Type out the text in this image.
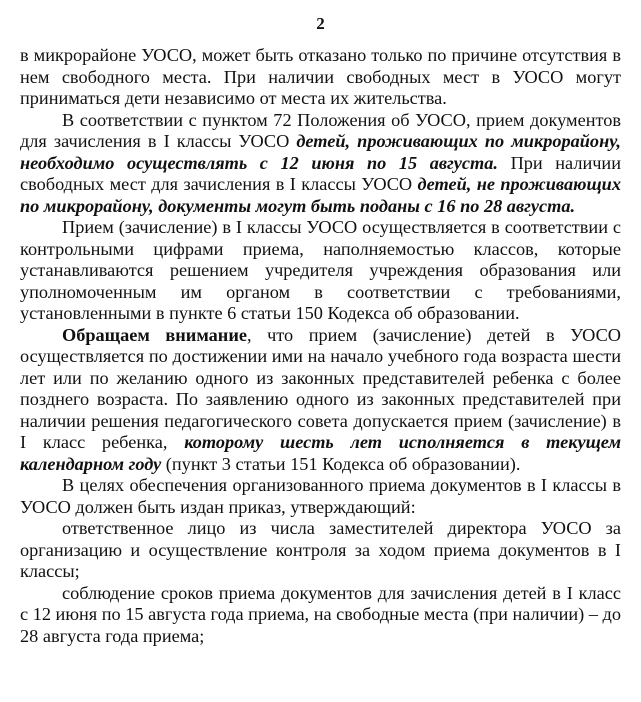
2

в микрорайоне УОСО, может быть отказано только по причине отсутствия в нем свободного места. При наличии свободных мест в УОСО могут приниматься дети независимо от места их жительства.

В соответствии с пунктом 72 Положения об УОСО, прием документов для зачисления в I классы УОСО детей, проживающих по микрорайону, необходимо осуществлять с 12 июня по 15 августа. При наличии свободных мест для зачисления в I классы УОСО детей, не проживающих по микрорайону, документы могут быть поданы с 16 по 28 августа.

Прием (зачисление) в I классы УОСО осуществляется в соответствии с контрольными цифрами приема, наполняемостью классов, которые устанавливаются решением учредителя учреждения образования или уполномоченным им органом в соответствии с требованиями, установленными в пункте 6 статьи 150 Кодекса об образовании.

Обращаем внимание, что прием (зачисление) детей в УОСО осуществляется по достижении ими на начало учебного года возраста шести лет или по желанию одного из законных представителей ребенка с более позднего возраста. По заявлению одного из законных представителей при наличии решения педагогического совета допускается прием (зачисление) в I класс ребенка, которому шесть лет исполняется в текущем календарном году (пункт 3 статьи 151 Кодекса об образовании).

В целях обеспечения организованного приема документов в I классы в УОСО должен быть издан приказ, утверждающий:

ответственное лицо из числа заместителей директора УОСО за организацию и осуществление контроля за ходом приема документов в I классы;

соблюдение сроков приема документов для зачисления детей в I класс с 12 июня по 15 августа года приема, на свободные места (при наличии) – до 28 августа года приема;
